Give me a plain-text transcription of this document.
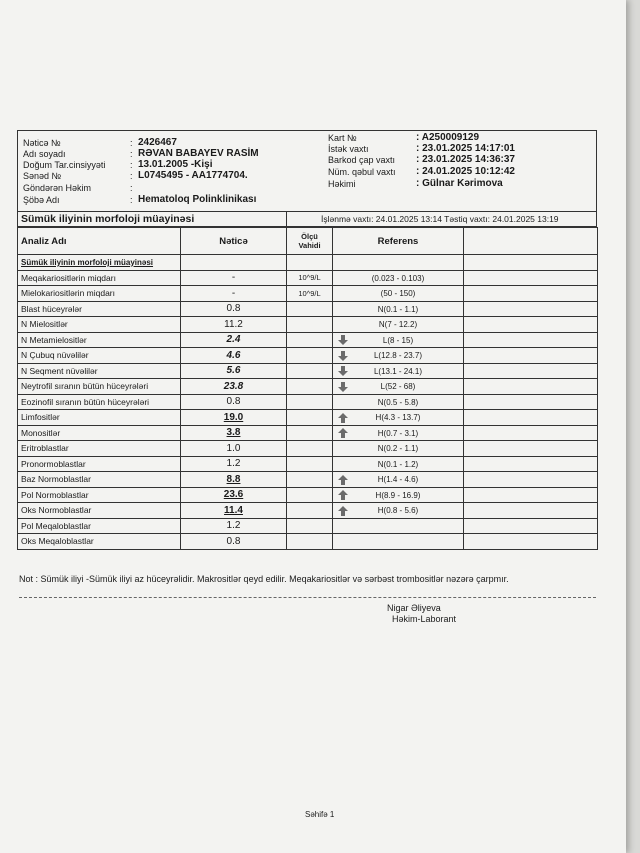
Nəticə №	: 2426467
Adı soyadı	: RƏVAN BABAYEV RASİM
Doğum Tar.cinsiyyəti	: 13.01.2005 -Kişi
Sənəd №	: L0745495 - AA1774704.
Göndərən Həkim	:
Şöbə Adı	: Hematoloq Polinklinikası
Kart №	: A250009129
İstək vaxtı	: 23.01.2025 14:17:01
Barkod çap vaxtı : 23.01.2025 14:36:37
Nüm. qəbul vaxtı : 24.01.2025 10:12:42
Həkimi	: Gülnar Kərimova
Sümük iliyinin morfoloji müayinəsi	İşlənmə vaxtı: 24.01.2025 13:14 Təstiq vaxtı: 24.01.2025 13:19
Analiz Adı	Nəticə	Ölçü Vahidi	Referens	
Sümük iliyinin morfoloji müayinəsi			

Meqakariositlərin miqdarı	-	10^9/L	(0.023 - 0.103)	

Mielokariositlərin miqdarı	-	10^9/L	(50 - 150)	

Blast hüceyrələr	0.8		N(0.1 - 1.1)	

N Mielositlər	11.2		N(7 - 12.2)	

N Metamielositlər	2.4		L(8 - 15)	

N Çubuq nüvəlilər	4.6		L(12.8 - 23.7)	

N Seqment nüvəlilər	5.6		L(13.1 - 24.1)	

Neytrofil sıranın bütün hüceyrələri	23.8		L(52 - 68)	

Eozinofil sıranın bütün hüceyrələri	0.8		N(0.5 - 5.8)	

Limfositlər	19.0		H(4.3 - 13.7)	

Monositlər	3.8		H(0.7 - 3.1)	

Eritroblastlar	1.0		N(0.2 - 1.1)	

Pronormoblastlar	1.2		N(0.1 - 1.2)	

Baz Normoblastlar	8.8		H(1.4 - 4.6)	

Pol Normoblastlar	23.6		H(8.9 - 16.9)	

Oks Normoblastlar	11.4		H(0.8 - 5.6)	

Pol Meqaloblastlar	1.2		

Oks Meqaloblastlar	0.8		

Not : Sümük iliyi -Sümük iliyi az hüceyrəlidir. Makrositlər qeyd edilir. Meqakariositlər və sərbəst trombositlər nəzərə çarpmır.
Nigar Əliyeva
Həkim-Laborant
Səhifə 1
